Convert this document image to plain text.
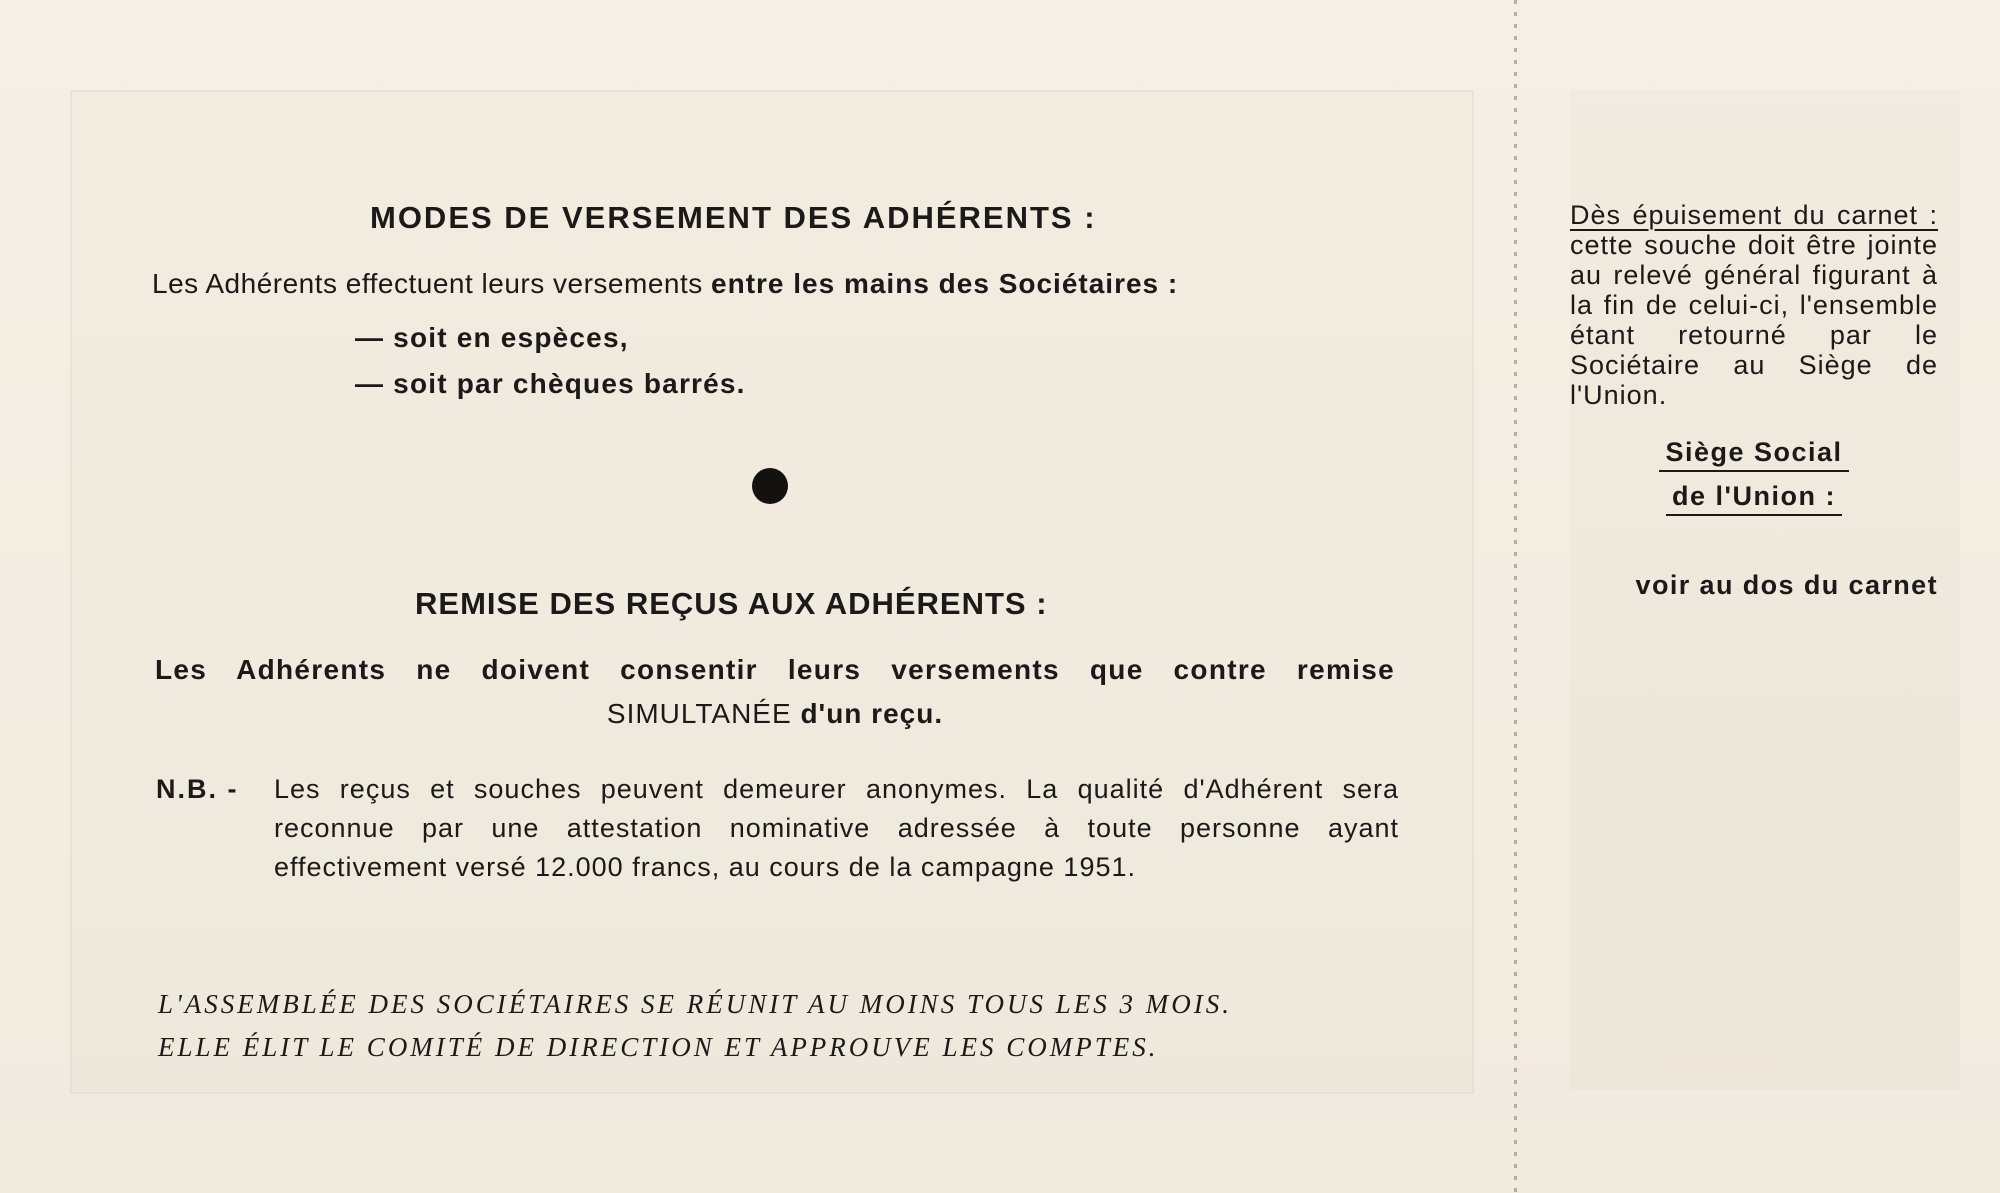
MODES DE VERSEMENT DES ADHÉRENTS :
Les Adhérents effectuent leurs versements entre les mains des Sociétaires :
— soit en espèces,
— soit par chèques barrés.
REMISE DES REÇUS AUX ADHÉRENTS :
Les Adhérents ne doivent consentir leurs versements que contre remise
SIMULTANÉE d'un reçu.
N.B. - Les reçus et souches peuvent demeurer anonymes. La qualité d'Adhérent sera reconnue par une attestation nominative adressée à toute personne ayant effectivement versé 12.000 francs, au cours de la campagne 1951.
L'ASSEMBLÉE DES SOCIÉTAIRES SE RÉUNIT AU MOINS TOUS LES 3 MOIS.
ELLE ÉLIT LE COMITÉ DE DIRECTION ET APPROUVE LES COMPTES.
Dès épuisement du carnet : cette souche doit être jointe au relevé général figurant à la fin de celui-ci, l'ensemble étant retourné par le Sociétaire au Siège de l'Union.
Siège Social
de l'Union :
voir au dos du carnet
